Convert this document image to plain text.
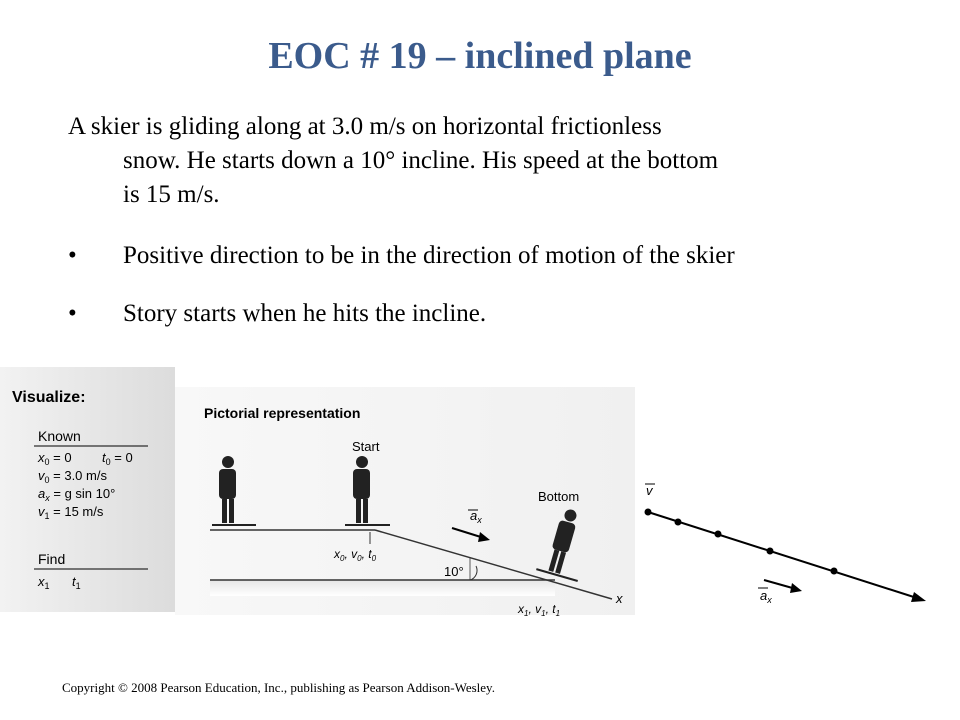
EOC # 19 – inclined plane
A skier is gliding along at 3.0 m/s on horizontal frictionless
snow. He starts down a 10° incline. His speed at the bottom
is 15 m/s.
• Positive direction to be in the direction of motion of the skier
• Story starts when he hits the incline.
Visualize:
Known
$x_0 = 0$ $t_0 = 0$
$v_0 = 3.0$ m/s
$a_x = g$ sin 10°
$v_1 = 15$ m/s
Find
$x_1$ $t_1$
Pictorial representation
Start
Bottom
x
10°
$a_x$
$x_0$, $v_0$, $t_0$
$x_1$, $v_1$, $t_1$
v
$a_x$
Copyright © 2008 Pearson Education, Inc., publishing as Pearson Addison-Wesley.
